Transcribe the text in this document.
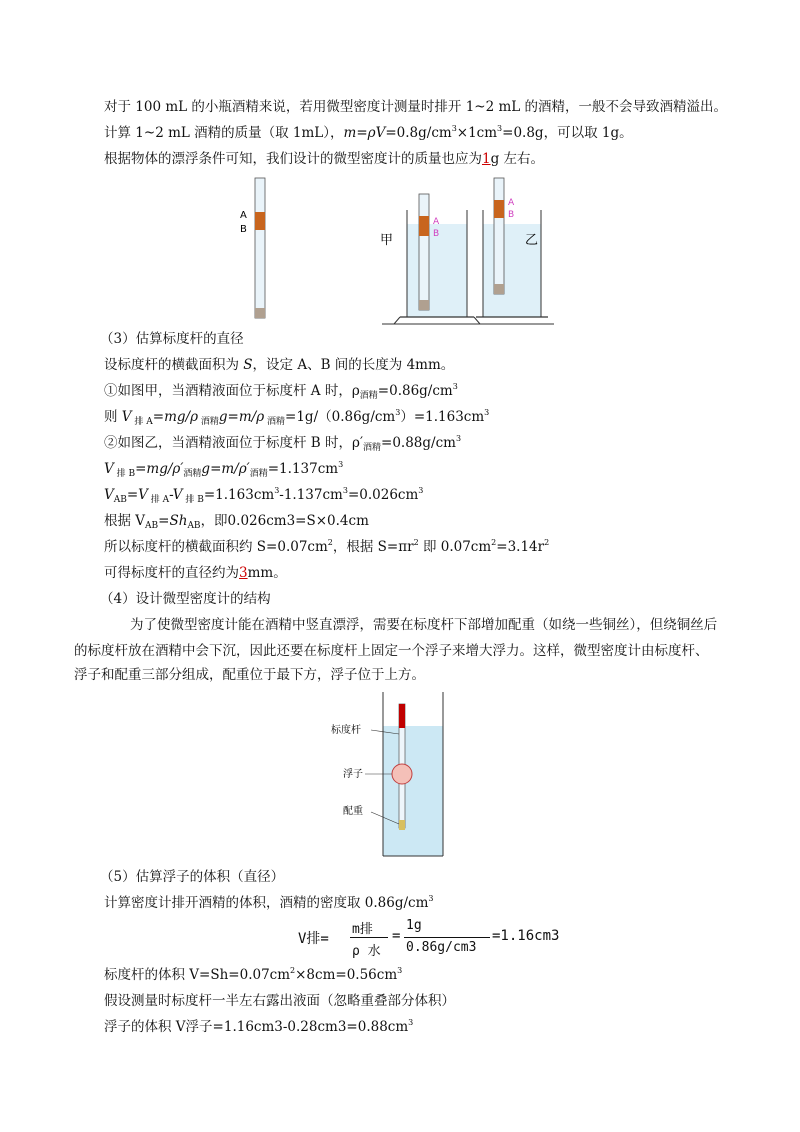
对于 100 mL 的小瓶酒精来说，若用微型密度计测量时排开 1~2 mL 的酒精，一般不会导致酒精溢出。
计算 1~2 mL 酒精的质量（取 1mL），$m=\rho V=0.8g/cm^3\times 1cm^3=0.8g$，可以取 1g。
根据物体的漂浮条件可知，我们设计的微型密度计的质量也应为1g 左右。
A
B
A
B
甲
A
B
乙
（3）估算标度杆的直径
设标度杆的横截面积为 S，设定 A、B 间的长度为 4mm。
①如图甲，当酒精液面位于标度杆 A 时，$\rho_{酒精}=0.86g/cm^3$
则 V $_{排 A}$=mg/ρ $_{酒精}$g=m/ρ $_{酒精}=1g/(0.86g/cm^3)=1.163cm^3$
②如图乙，当酒精液面位于标度杆 B 时，$\rho'_{酒精}=0.88g/cm^3$
V $_{排 B}=mg/\rho'_{酒精}g=m/\rho'_{酒精}=1.137cm^3$
$V_{AB}=V$ $_{排 A}$-V $_{排 B}=1.163cm^3-1.137cm^3=0.026cm^3$
根据 $V_{AB}=Sh_{AB}$，即0.026cm3=S×0.4cm
所以标度杆的横截面积约 $S=0.07cm^2$，根据 $S=\pi r^2$ 即 $0.07cm^2=3.14r^2$
可得标度杆的直径约为3mm。
（4）设计微型密度计的结构
为了使微型密度计能在酒精中竖直漂浮，需要在标度杆下部增加配重（如绕一些铜丝），但绕铜丝后
的标度杆放在酒精中会下沉，因此还要在标度杆上固定一个浮子来增大浮力。这样，微型密度计由标度杆、
浮子和配重三部分组成，配重位于最下方，浮子位于上方。
标度杆
浮子
配重
（5）估算浮子的体积（直径）
计算密度计排开酒精的体积，酒精的密度取 $0.86g/cm^3$
V排=
m排
ρ 水
=
1g
0.86g/cm3
=1.16cm3
标度杆的体积 $V=Sh=0.07cm^2\times 8cm=0.56cm^3$
假设测量时标度杆一半左右露出液面（忽略重叠部分体积）
浮子的体积 V浮子$=1.16cm3-0.28cm3=0.88cm^3$
